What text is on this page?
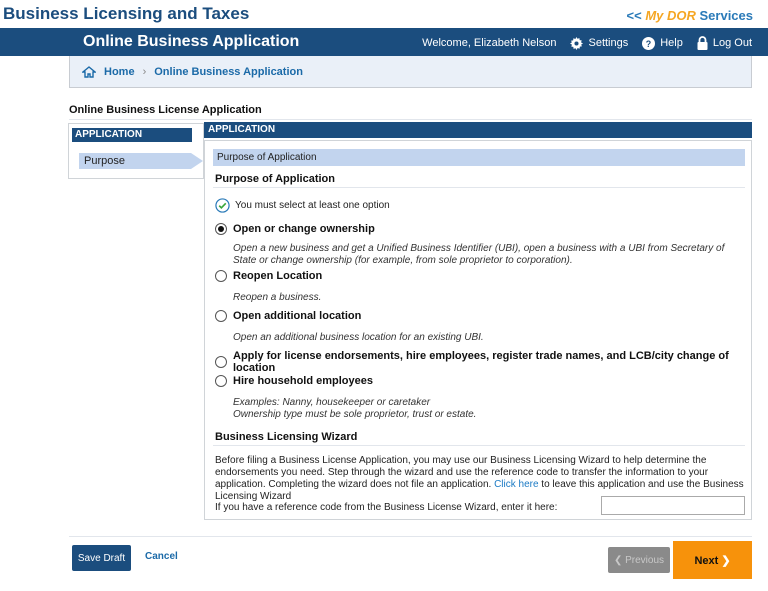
Business Licensing and Taxes	<< My DOR Services
Online Business Application	Welcome, Elizabeth Nelson	Settings ? Help	Log Out
Home › Online Business Application
Online Business License Application
APPLICATION
Purpose
APPLICATION
Purpose of Application
Purpose of Application
You must select at least one option
Open or change ownership
Open a new business and get a Unified Business Identifier (UBI), open a business with a UBI from Secretary of State or change ownership (for example, from sole proprietor to corporation).
Reopen Location
Reopen a business.
Open additional location
Open an additional business location for an existing UBI.
Apply for license endorsements, hire employees, register trade names, and LCB/city change of location
Hire household employees
Examples: Nanny, housekeeper or caretaker
Ownership type must be sole proprietor, trust or estate.
Business Licensing Wizard
Before filing a Business License Application, you may use our Business Licensing Wizard to help determine the endorsements you need. Step through the wizard and use the reference code to transfer the information to your application. Completing the wizard does not file an application. Click here to leave this application and use the Business Licensing Wizard
If you have a reference code from the Business License Wizard, enter it here:
Save Draft	Cancel	❮ Previous	Next ❯
